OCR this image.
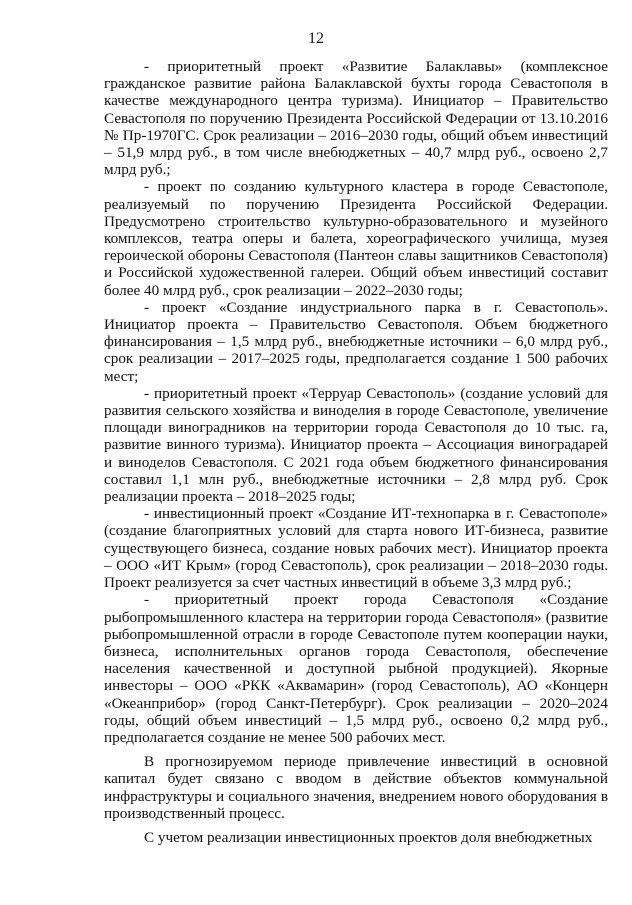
12

- приоритетный проект «Развитие Балаклавы» (комплексное гражданское развитие района Балаклавской бухты города Севастополя в качестве международного центра туризма). Инициатор – Правительство Севастополя по поручению Президента Российской Федерации от 13.10.2016 № Пр-1970ГС. Срок реализации – 2016–2030 годы, общий объем инвестиций – 51,9 млрд руб., в том числе внебюджетных – 40,7 млрд руб., освоено 2,7 млрд руб.;

- проект по созданию культурного кластера в городе Севастополе, реализуемый по поручению Президента Российской Федерации. Предусмотрено строительство культурно-образовательного и музейного комплексов, театра оперы и балета, хореографического училища, музея героической обороны Севастополя (Пантеон славы защитников Севастополя) и Российской художественной галереи. Общий объем инвестиций составит более 40 млрд руб., срок реализации – 2022–2030 годы;

- проект «Создание индустриального парка в г. Севастополь». Инициатор проекта – Правительство Севастополя. Объем бюджетного финансирования – 1,5 млрд руб., внебюджетные источники – 6,0 млрд руб., срок реализации – 2017–2025 годы, предполагается создание 1 500 рабочих мест;

- приоритетный проект «Терруар Севастополь» (создание условий для развития сельского хозяйства и виноделия в городе Севастополе, увеличение площади виноградников на территории города Севастополя до 10 тыс. га, развитие винного туризма). Инициатор проекта – Ассоциация виноградарей и виноделов Севастополя. С 2021 года объем бюджетного финансирования составил 1,1 млн руб., внебюджетные источники – 2,8 млрд руб. Срок реализации проекта – 2018–2025 годы;

- инвестиционный проект «Создание ИТ-технопарка в г. Севастополе» (создание благоприятных условий для старта нового ИТ-бизнеса, развитие существующего бизнеса, создание новых рабочих мест). Инициатор проекта – ООО «ИТ Крым» (город Севастополь), срок реализации – 2018–2030 годы. Проект реализуется за счет частных инвестиций в объеме 3,3 млрд руб.;

- приоритетный проект города Севастополя «Создание рыбопромышленного кластера на территории города Севастополя» (развитие рыбопромышленной отрасли в городе Севастополе путем кооперации науки, бизнеса, исполнительных органов города Севастополя, обеспечение населения качественной и доступной рыбной продукцией). Якорные инвесторы – ООО «РКК «Аквамарин» (город Севастополь), АО «Концерн «Океанприбор» (город Санкт-Петербург). Срок реализации – 2020–2024 годы, общий объем инвестиций – 1,5 млрд руб., освоено 0,2 млрд руб., предполагается создание не менее 500 рабочих мест.

В прогнозируемом периоде привлечение инвестиций в основной капитал будет связано с вводом в действие объектов коммунальной инфраструктуры и социального значения, внедрением нового оборудования в производственный процесс.

С учетом реализации инвестиционных проектов доля внебюджетных
